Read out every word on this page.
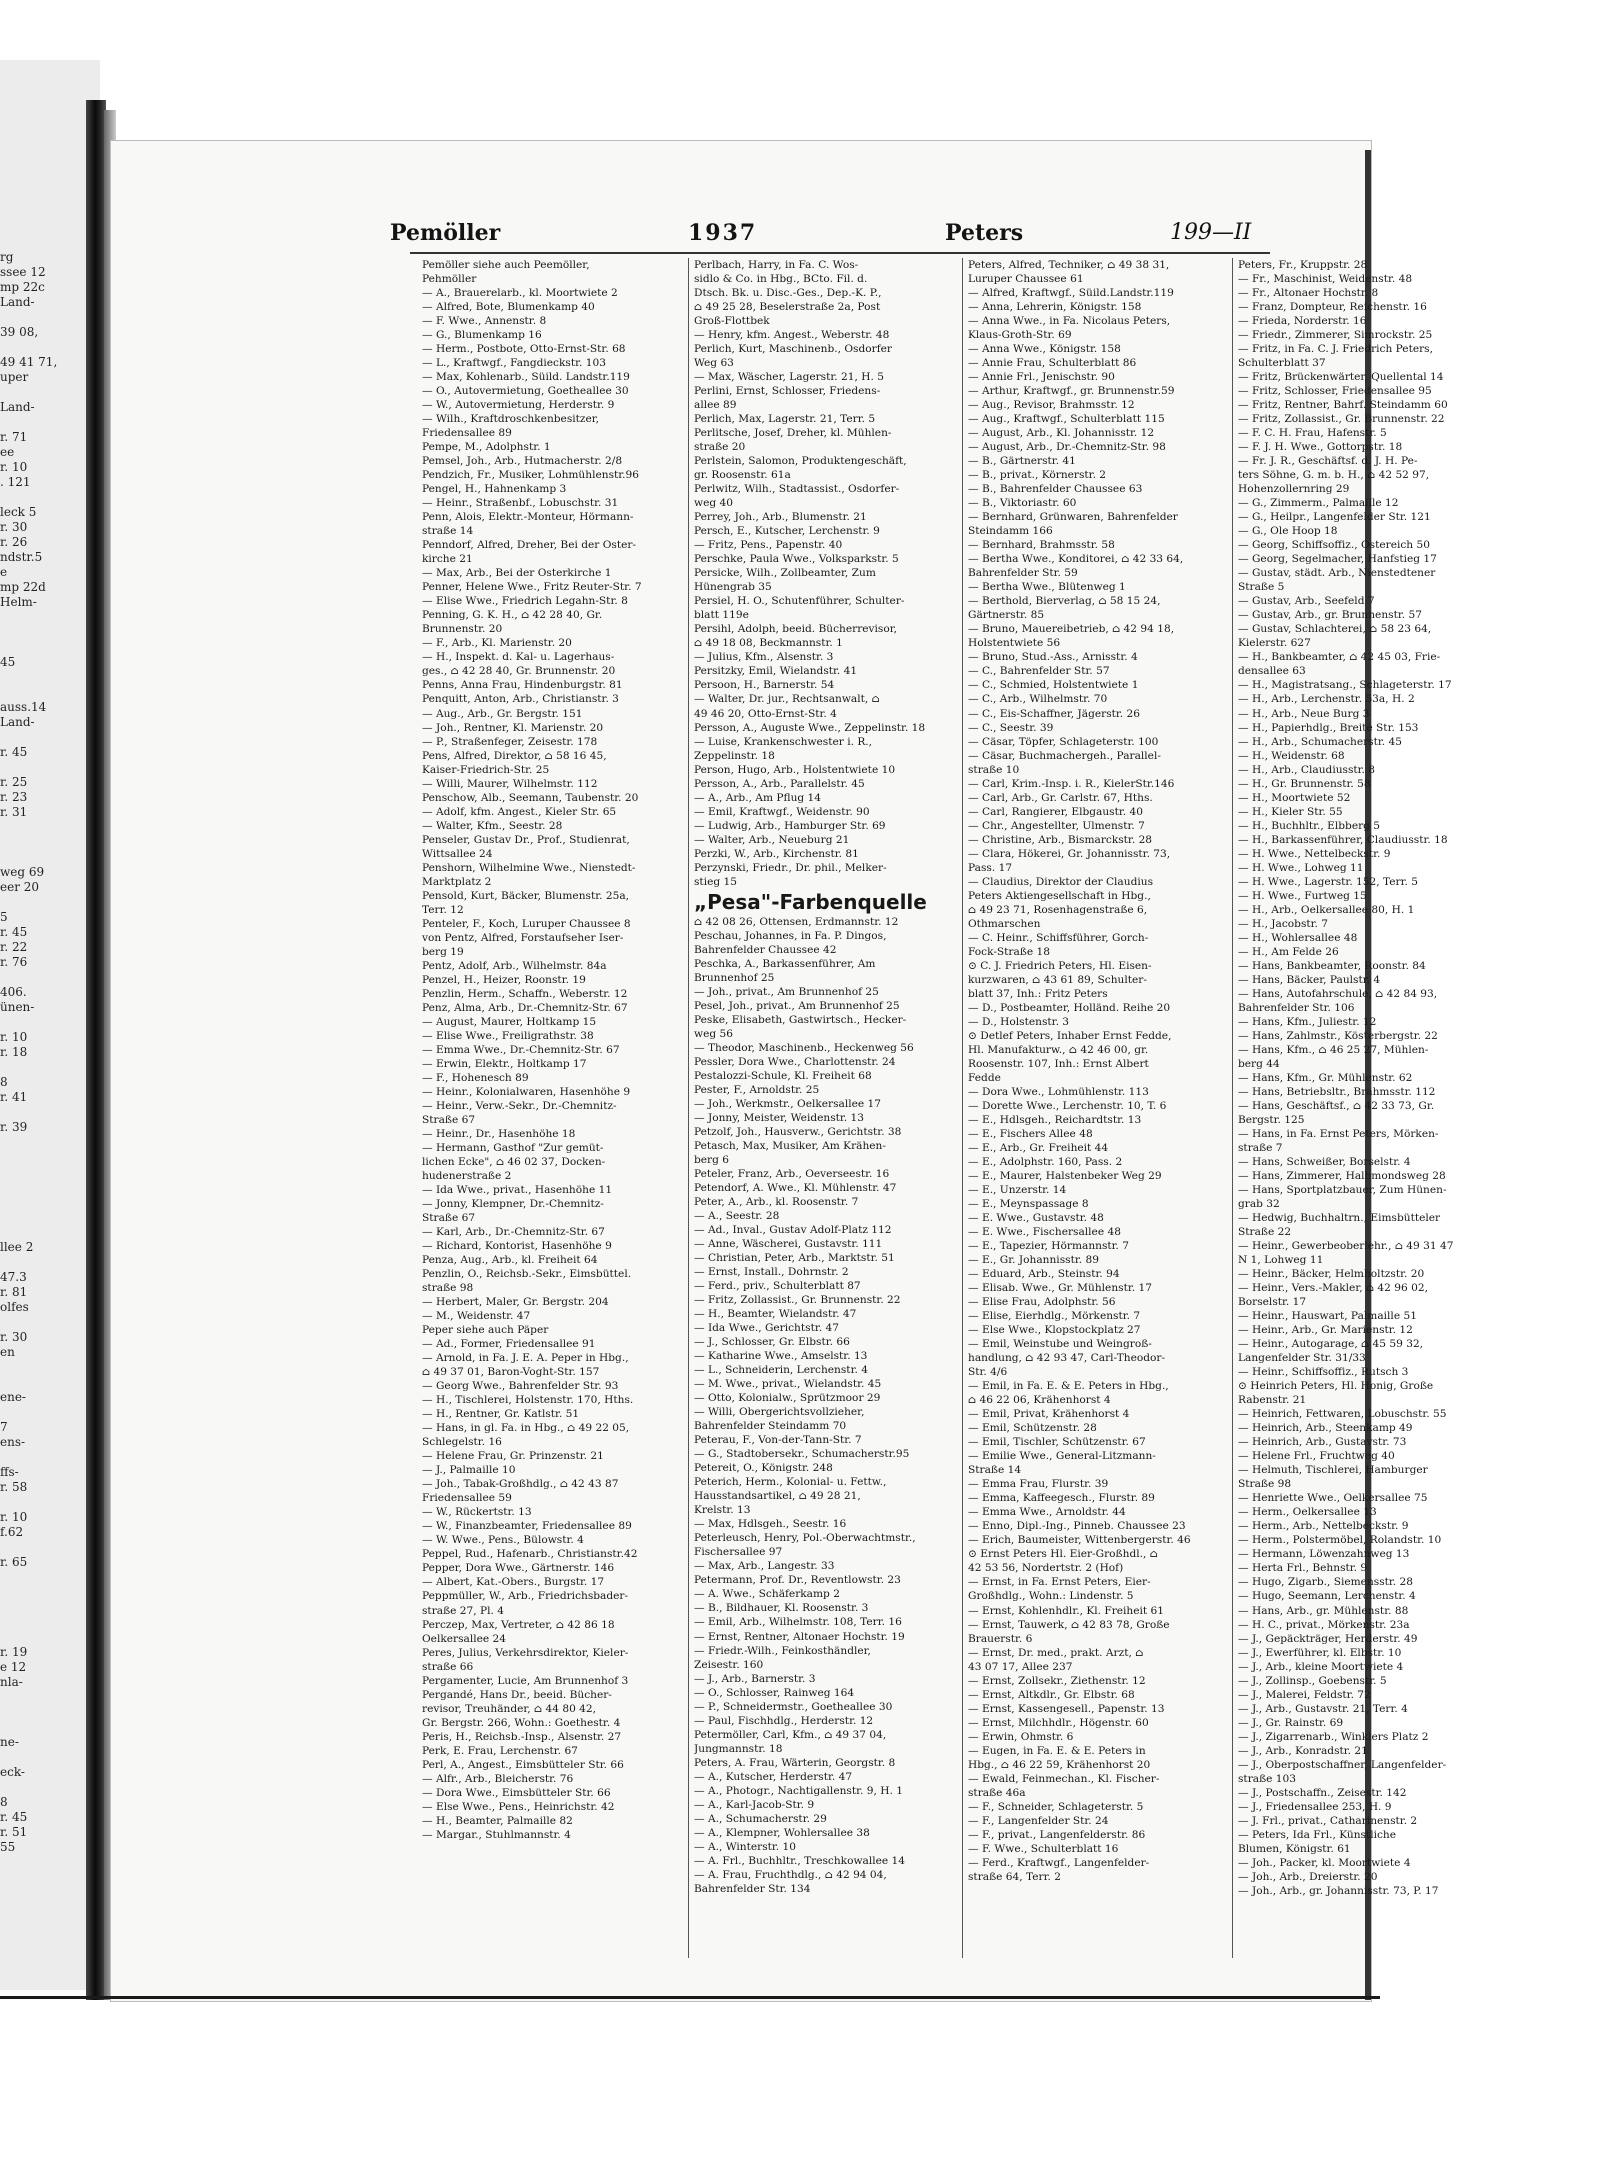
rg
ssee 12
mp 22c
Land-

39 08,

49 41 71,
uper

Land-

r. 71
ee
r. 10
. 121

leck 5
r. 30
r. 26
ndstr.5
e
mp 22d
Helm-

45

auss.14
Land-

r. 45

r. 25
r. 23
r. 31

weg 69
eer 20

5
r. 45
r. 22
r. 76

406.
ünen-

r. 10
r. 18

8
r. 41

r. 39

llee 2

47.3
r. 81
olfes

r. 30
en

ene-

7
ens-

ffs-
r. 58

r. 10
f.62

r. 65

r. 19
e 12
nla-

ne-

eck-

8
r. 45
r. 51
55
Pemöller	1937	Peters	199—II
Pemöller siehe auch Peemöller,
Pehmöller
— A., Brauerelarb., kl. Moortwiete 2
— Alfred, Bote, Blumenkamp 40
— F. Wwe., Annenstr. 8
— G., Blumenkamp 16
— Herm., Postbote, Otto-Ernst-Str. 68
— L., Kraftwgf., Fangdieckstr. 103
— Max, Kohlenarb., Süild. Landstr.119
— O., Autovermietung, Goetheallee 30
— W., Autovermietung, Herderstr. 9
— Wilh., Kraftdroschkenbesitzer,
Friedensallee 89
Pempe, M., Adolphstr. 1
Pemsel, Joh., Arb., Hutmacherstr. 2/8
Pendzich, Fr., Musiker, Lohmühlenstr.96
Pengel, H., Hahnenkamp 3
— Heinr., Straßenbf., Lobuschstr. 31
Penn, Alois, Elektr.-Monteur, Hörmann-
straße 14
Penndorf, Alfred, Dreher, Bei der Oster-
kirche 21
— Max, Arb., Bei der Osterkirche 1
Penner, Helene Wwe., Fritz Reuter-Str. 7
— Elise Wwe., Friedrich Legahn-Str. 8
Penning, G. K. H., ⌂ 42 28 40, Gr.
Brunnenstr. 20
— F., Arb., Kl. Marienstr. 20
— H., Inspekt. d. Kal- u. Lagerhaus-
ges., ⌂ 42 28 40, Gr. Brunnenstr. 20
Penns, Anna Frau, Hindenburgstr. 81
Penquitt, Anton, Arb., Christianstr. 3
— Aug., Arb., Gr. Bergstr. 151
— Joh., Rentner, Kl. Marienstr. 20
— P., Straßenfeger, Zeisestr. 178
Pens, Alfred, Direktor, ⌂ 58 16 45,
Kaiser-Friedrich-Str. 25
— Willi, Maurer, Wilhelmstr. 112
Penschow, Alb., Seemann, Taubenstr. 20
— Adolf, kfm. Angest., Kieler Str. 65
— Walter, Kfm., Seestr. 28
Penseler, Gustav Dr., Prof., Studienrat,
Wittsallee 24
Penshorn, Wilhelmine Wwe., Nienstedt-
Marktplatz 2
Pensold, Kurt, Bäcker, Blumenstr. 25a,
Terr. 12
Penteler, F., Koch, Luruper Chaussee 8
von Pentz, Alfred, Forstaufseher Iser-
berg 19
Pentz, Adolf, Arb., Wilhelmstr. 84a
Penzel, H., Heizer, Roonstr. 19
Penzlin, Herm., Schaffn., Weberstr. 12
Penz, Alma, Arb., Dr.-Chemnitz-Str. 67
— August, Maurer, Holtkamp 15
— Elise Wwe., Freiligrathstr. 38
— Emma Wwe., Dr.-Chemnitz-Str. 67
— Erwin, Elektr., Holtkamp 17
— F., Hohenesch 89
— Heinr., Kolonialwaren, Hasenhöhe 9
— Heinr., Verw.-Sekr., Dr.-Chemnitz-
Straße 67
— Heinr., Dr., Hasenhöhe 18
— Hermann, Gasthof "Zur gemüt-
lichen Ecke", ⌂ 46 02 37, Docken-
hudenerstraße 2
— Ida Wwe., privat., Hasenhöhe 11
— Jonny, Klempner, Dr.-Chemnitz-
Straße 67
— Karl, Arb., Dr.-Chemnitz-Str. 67
— Richard, Kontorist, Hasenhöhe 9
Penza, Aug., Arb., kl. Freiheit 64
Penzlin, O., Reichsb.-Sekr., Eimsbüttel.
straße 98
— Herbert, Maler, Gr. Bergstr. 204
— M., Weidenstr. 47
Peper siehe auch Päper
— Ad., Former, Friedensallee 91
— Arnold, in Fa. J. E. A. Peper in Hbg.,
⌂ 49 37 01, Baron-Voght-Str. 157
— Georg Wwe., Bahrenfelder Str. 93
— H., Tischlerei, Holstenstr. 170, Hths.
— H., Rentner, Gr. Katlstr. 51
— Hans, in gl. Fa. in Hbg., ⌂ 49 22 05,
Schlegelstr. 16
— Helene Frau, Gr. Prinzenstr. 21
— J., Palmaille 10
— Joh., Tabak-Großhdlg., ⌂ 42 43 87
Friedensallee 59
— W., Rückertstr. 13
— W., Finanzbeamter, Friedensallee 89
— W. Wwe., Pens., Bülowstr. 4
Peppel, Rud., Hafenarb., Christianstr.42
Pepper, Dora Wwe., Gärtnerstr. 146
— Albert, Kat.-Obers., Burgstr. 17
Peppmüller, W., Arb., Friedrichsbader-
straße 27, Pl. 4
Perczep, Max, Vertreter, ⌂ 42 86 18
Oelkersallee 24
Peres, Julius, Verkehrsdirektor, Kieler-
straße 66
Pergamenter, Lucie, Am Brunnenhof 3
Pergandé, Hans Dr., beeid. Bücher-
revisor, Treuhänder, ⌂ 44 80 42,
Gr. Bergstr. 266, Wohn.: Goethestr. 4
Peris, H., Reichsb.-Insp., Alsenstr. 27
Perk, E. Frau, Lerchenstr. 67
Perl, A., Angest., Eimsbütteler Str. 66
— Alfr., Arb., Bleicherstr. 76
— Dora Wwe., Eimsbütteler Str. 66
— Else Wwe., Pens., Heinrichstr. 42
— H., Beamter, Palmaille 82
— Margar., Stuhlmannstr. 4
Perlbach, Harry, in Fa. C. Wos-
sidlo & Co. in Hbg., BCto. Fil. d.
Dtsch. Bk. u. Disc.-Ges., Dep.-K. P.,
⌂ 49 25 28, Beselerstraße 2a, Post
Groß-Flottbek
— Henry, kfm. Angest., Weberstr. 48
Perlich, Kurt, Maschinenb., Osdorfer
Weg 63
— Max, Wäscher, Lagerstr. 21, H. 5
Perlini, Ernst, Schlosser, Friedens-
allee 89
Perlich, Max, Lagerstr. 21, Terr. 5
Perlitsche, Josef, Dreher, kl. Mühlen-
straße 20
Perlstein, Salomon, Produktengeschäft,
gr. Roosenstr. 61a
Perlwitz, Wilh., Stadtassist., Osdorfer-
weg 40
Perrey, Joh., Arb., Blumenstr. 21
Persch, E., Kutscher, Lerchenstr. 9
— Fritz, Pens., Papenstr. 40
Perschke, Paula Wwe., Volksparkstr. 5
Persicke, Wilh., Zollbeamter, Zum
Hünengrab 35
Persiel, H. O., Schutenführer, Schulter-
blatt 119e
Persihl, Adolph, beeid. Bücherrevisor,
⌂ 49 18 08, Beckmannstr. 1
— Julius, Kfm., Alsenstr. 3
Persitzky, Emil, Wielandstr. 41
Persoon, H., Barnerstr. 54
— Walter, Dr. jur., Rechtsanwalt, ⌂
49 46 20, Otto-Ernst-Str. 4
Persson, A., Auguste Wwe., Zeppelinstr. 18
— Luise, Krankenschwester i. R.,
Zeppelinstr. 18
Person, Hugo, Arb., Holstentwiete 10
Persson, A., Arb., Parallelstr. 45
— A., Arb., Am Pflug 14
— Emil, Kraftwgf., Weidenstr. 90
— Ludwig, Arb., Hamburger Str. 69
— Walter, Arb., Neueburg 21
Perzki, W., Arb., Kirchenstr. 81
Perzynski, Friedr., Dr. phil., Melker-
stieg 15
„Pesa"-Farbenquelle
⌂ 42 08 26, Ottensen, Erdmannstr. 12
Peschau, Johannes, in Fa. P. Dingos,
Bahrenfelder Chaussee 42
Peschka, A., Barkassenführer, Am
Brunnenhof 25
— Joh., privat., Am Brunnenhof 25
Pesel, Joh., privat., Am Brunnenhof 25
Peske, Elisabeth, Gastwirtsch., Hecker-
weg 56
— Theodor, Maschinenb., Heckenweg 56
Pessler, Dora Wwe., Charlottenstr. 24
Pestalozzi-Schule, Kl. Freiheit 68
Pester, F., Arnoldstr. 25
— Joh., Werkmstr., Oelkersallee 17
— Jonny, Meister, Weidenstr. 13
Petzolf, Joh., Hausverw., Gerichtstr. 38
Petasch, Max, Musiker, Am Krähen-
berg 6
Peteler, Franz, Arb., Oeverseestr. 16
Petendorf, A. Wwe., Kl. Mühlenstr. 47
Peter, A., Arb., kl. Roosenstr. 7
— A., Seestr. 28
— Ad., Inval., Gustav Adolf-Platz 112
— Anne, Wäscherei, Gustavstr. 111
— Christian, Peter, Arb., Marktstr. 51
— Ernst, Install., Dohrnstr. 2
— Ferd., priv., Schulterblatt 87
— Fritz, Zollassist., Gr. Brunnenstr. 22
— H., Beamter, Wielandstr. 47
— Ida Wwe., Gerichtstr. 47
— J., Schlosser, Gr. Elbstr. 66
— Katharine Wwe., Amselstr. 13
— L., Schneiderin, Lerchenstr. 4
— M. Wwe., privat., Wielandstr. 45
— Otto, Kolonialw., Sprützmoor 29
— Willi, Obergerichtsvollzieher,
Bahrenfelder Steindamm 70
Peterau, F., Von-der-Tann-Str. 7
— G., Stadtobersekr., Schumacherstr.95
Petereit, O., Königstr. 248
Peterich, Herm., Kolonial- u. Fettw.,
Hausstandsartikel, ⌂ 49 28 21,
Krelstr. 13
— Max, Hdlsgeh., Seestr. 16
Peterleusch, Henry, Pol.-Oberwachtmstr.,
Fischersallee 97
— Max, Arb., Langestr. 33
Petermann, Prof. Dr., Reventlowstr. 23
— A. Wwe., Schäferkamp 2
— B., Bildhauer, Kl. Roosenstr. 3
— Emil, Arb., Wilhelmstr. 108, Terr. 16
— Ernst, Rentner, Altonaer Hochstr. 19
— Friedr.-Wilh., Feinkosthändler,
Zeisestr. 160
— J., Arb., Barnerstr. 3
— O., Schlosser, Rainweg 164
— P., Schneidermstr., Goetheallee 30
— Paul, Fischhdlg., Herderstr. 12
Petermöller, Carl, Kfm., ⌂ 49 37 04,
Jungmannstr. 18
Peters, A. Frau, Wärterin, Georgstr. 8
— A., Kutscher, Herderstr. 47
— A., Photogr., Nachtigallenstr. 9, H. 1
— A., Karl-Jacob-Str. 9
— A., Schumacherstr. 29
— A., Klempner, Wohlersallee 38
— A., Winterstr. 10
— A. Frl., Buchhltr., Treschkowallee 14
— A. Frau, Fruchthdlg., ⌂ 42 94 04,
Bahrenfelder Str. 134
Peters, Alfred, Techniker, ⌂ 49 38 31,
Luruper Chaussee 61
— Alfred, Kraftwgf., Süild.Landstr.119
— Anna, Lehrerin, Königstr. 158
— Anna Wwe., in Fa. Nicolaus Peters,
Klaus-Groth-Str. 69
— Anna Wwe., Königstr. 158
— Annie Frau, Schulterblatt 86
— Annie Frl., Jenischstr. 90
— Arthur, Kraftwgf., gr. Brunnenstr.59
— Aug., Revisor, Brahmsstr. 12
— Aug., Kraftwgf., Schulterblatt 115
— August, Arb., Kl. Johannisstr. 12
— August, Arb., Dr.-Chemnitz-Str. 98
— B., Gärtnerstr. 41
— B., privat., Körnerstr. 2
— B., Bahrenfelder Chaussee 63
— B., Viktoriastr. 60
— Bernhard, Grünwaren, Bahrenfelder
Steindamm 166
— Bernhard, Brahmsstr. 58
— Bertha Wwe., Konditorei, ⌂ 42 33 64,
Bahrenfelder Str. 59
— Bertha Wwe., Blütenweg 1
— Berthold, Bierverlag, ⌂ 58 15 24,
Gärtnerstr. 85
— Bruno, Mauereibetrieb, ⌂ 42 94 18,
Holstentwiete 56
— Bruno, Stud.-Ass., Arnisstr. 4
— C., Bahrenfelder Str. 57
— C., Schmied, Holstentwiete 1
— C., Arb., Wilhelmstr. 70
— C., Eis-Schaffner, Jägerstr. 26
— C., Seestr. 39
— Cäsar, Töpfer, Schlageterstr. 100
— Cäsar, Buchmachergeh., Parallel-
straße 10
— Carl, Krim.-Insp. i. R., KielerStr.146
— Carl, Arb., Gr. Carlstr. 67, Hths.
— Carl, Rangierer, Elbgaustr. 40
— Chr., Angestellter, Ulmenstr. 7
— Christine, Arb., Bismarckstr. 28
— Clara, Hökerei, Gr. Johannisstr. 73,
Pass. 17
— Claudius, Direktor der Claudius
Peters Aktiengesellschaft in Hbg.,
⌂ 49 23 71, Rosenhagenstraße 6,
Othmarschen
— C. Heinr., Schiffsführer, Gorch-
Fock-Straße 18
⊙ C. J. Friedrich Peters, Hl. Eisen-
kurzwaren, ⌂ 43 61 89, Schulter-
blatt 37, Inh.: Fritz Peters
— D., Postbeamter, Holländ. Reihe 20
— D., Holstenstr. 3
⊙ Detlef Peters, Inhaber Ernst Fedde,
Hl. Manufakturw., ⌂ 42 46 00, gr.
Roosenstr. 107, Inh.: Ernst Albert
Fedde
— Dora Wwe., Lohmühlenstr. 113
— Dorette Wwe., Lerchenstr. 10, T. 6
— E., Hdlsgeh., Reichardtstr. 13
— E., Fischers Allee 48
— E., Arb., Gr. Freiheit 44
— E., Adolphstr. 160, Pass. 2
— E., Maurer, Halstenbeker Weg 29
— E., Unzerstr. 14
— E., Meynspassage 8
— E. Wwe., Gustavstr. 48
— E. Wwe., Fischersallee 48
— E., Tapezier, Hörmannstr. 7
— E., Gr. Johannisstr. 89
— Eduard, Arb., Steinstr. 94
— Elisab. Wwe., Gr. Mühlenstr. 17
— Elise Frau, Adolphstr. 56
— Elise, Eierhdlg., Mörkenstr. 7
— Else Wwe., Klopstockplatz 27
— Emil, Weinstube und Weingroß-
handlung, ⌂ 42 93 47, Carl-Theodor-
Str. 4/6
— Emil, in Fa. E. & E. Peters in Hbg.,
⌂ 46 22 06, Krähenhorst 4
— Emil, Privat, Krähenhorst 4
— Emil, Schützenstr. 28
— Emil, Tischler, Schützenstr. 67
— Emilie Wwe., General-Litzmann-
Straße 14
— Emma Frau, Flurstr. 39
— Emma, Kaffeegesch., Flurstr. 89
— Emma Wwe., Arnoldstr. 44
— Enno, Dipl.-Ing., Pinneb. Chaussee 23
— Erich, Baumeister, Wittenbergerstr. 46
⊙ Ernst Peters Hl. Eier-Großhdl., ⌂
42 53 56, Nordertstr. 2 (Hof)
— Ernst, in Fa. Ernst Peters, Eier-
Großhdlg., Wohn.: Lindenstr. 5
— Ernst, Kohlenhdlr., Kl. Freiheit 61
— Ernst, Tauwerk, ⌂ 42 83 78, Große
Brauerstr. 6
— Ernst, Dr. med., prakt. Arzt, ⌂
43 07 17, Allee 237
— Ernst, Zollsekr., Ziethenstr. 12
— Ernst, Altkdlr., Gr. Elbstr. 68
— Ernst, Kassengesell., Papenstr. 13
— Ernst, Milchhdlr., Högenstr. 60
— Erwin, Ohmstr. 6
— Eugen, in Fa. E. & E. Peters in
Hbg., ⌂ 46 22 59, Krähenhorst 20
— Ewald, Feinmechan., Kl. Fischer-
straße 46a
— F., Schneider, Schlageterstr. 5
— F., Langenfelder Str. 24
— F., privat., Langenfelderstr. 86
— F. Wwe., Schulterblatt 16
— Ferd., Kraftwgf., Langenfelder-
straße 64, Terr. 2
Peters, Fr., Kruppstr. 28
— Fr., Maschinist, Weidenstr. 48
— Fr., Altonaer Hochstr. 8
— Franz, Dompteur, Reichenstr. 16
— Frieda, Norderstr. 16
— Friedr., Zimmerer, Simrockstr. 25
— Fritz, in Fa. C. J. Friedrich Peters,
Schulterblatt 37
— Fritz, Brückenwärter, Quellental 14
— Fritz, Schlosser, Friedensallee 95
— Fritz, Rentner, Bahrf. Steindamm 60
— Fritz, Zollassist., Gr. Brunnenstr. 22
— F. C. H. Frau, Hafenstr. 5
— F. J. H. Wwe., Gottorpstr. 18
— Fr. J. R., Geschäftsf. d. J. H. Pe-
ters Söhne, G. m. b. H., ⌂ 42 52 97,
Hohenzollernring 29
— G., Zimmerm., Palmaille 12
— G., Heilpr., Langenfelder Str. 121
— G., Ole Hoop 18
— Georg, Schiffsoffiz., Ostereich 50
— Georg, Segelmacher, Hanfstieg 17
— Gustav, städt. Arb., Nienstedtener
Straße 5
— Gustav, Arb., Seefeld 7
— Gustav, Arb., gr. Brunnenstr. 57
— Gustav, Schlachterei, ⌂ 58 23 64,
Kielerstr. 627
— H., Bankbeamter, ⌂ 42 45 03, Frie-
densallee 63
— H., Magistratsang., Schlageterstr. 17
— H., Arb., Lerchenstr. 53a, H. 2
— H., Arb., Neue Burg 3
— H., Papierhdlg., Breite Str. 153
— H., Arb., Schumacherstr. 45
— H., Weidenstr. 68
— H., Arb., Claudiusstr. 8
— H., Gr. Brunnenstr. 58
— H., Moortwiete 52
— H., Kieler Str. 55
— H., Buchhltr., Elbberg 5
— H., Barkassenführer, Claudiusstr. 18
— H. Wwe., Nettelbeckstr. 9
— H. Wwe., Lohweg 11
— H. Wwe., Lagerstr. 152, Terr. 5
— H. Wwe., Furtweg 15
— H., Arb., Oelkersallee 80, H. 1
— H., Jacobstr. 7
— H., Wohlersallee 48
— H., Am Felde 26
— Hans, Bankbeamter, Roonstr. 84
— Hans, Bäcker, Paulstr. 4
— Hans, Autofahrschule, ⌂ 42 84 93,
Bahrenfelder Str. 106
— Hans, Kfm., Juliestr. 12
— Hans, Zahlmstr., Kösterbergstr. 22
— Hans, Kfm., ⌂ 46 25 27, Mühlen-
berg 44
— Hans, Kfm., Gr. Mühlenstr. 62
— Hans, Betriebsltr., Brahmsstr. 112
— Hans, Geschäftsf., ⌂ 42 33 73, Gr.
Bergstr. 125
— Hans, in Fa. Ernst Peters, Mörken-
straße 7
— Hans, Schweißer, Borselstr. 4
— Hans, Zimmerer, Halbmondsweg 28
— Hans, Sportplatzbauer, Zum Hünen-
grab 32
— Hedwig, Buchhaltrn., Eimsbütteler
Straße 22
— Heinr., Gewerbeoberlehr., ⌂ 49 31 47
N 1, Lohweg 11
— Heinr., Bäcker, Helmholtzstr. 20
— Heinr., Vers.-Makler, ⌂ 42 96 02,
Borselstr. 17
— Heinr., Hauswart, Palmaille 51
— Heinr., Arb., Gr. Marienstr. 12
— Heinr., Autogarage, ⌂ 45 59 32,
Langenfelder Str. 31/33
— Heinr., Schiffsoffiz., Rutsch 3
⊙ Heinrich Peters, Hl. Honig, Große
Rabenstr. 21
— Heinrich, Fettwaren, Lobuschstr. 55
— Heinrich, Arb., Steenkamp 49
— Heinrich, Arb., Gustavstr. 73
— Helene Frl., Fruchtweg 40
— Helmuth, Tischlerei, Hamburger
Straße 98
— Henriette Wwe., Oelkersallee 75
— Herm., Oelkersallee 13
— Herm., Arb., Nettelbeckstr. 9
— Herm., Polstermöbel, Rolandstr. 10
— Hermann, Löwenzahnweg 13
— Herta Frl., Behnstr. 9
— Hugo, Zigarb., Siemensstr. 28
— Hugo, Seemann, Lerchenstr. 4
— Hans, Arb., gr. Mühlenstr. 88
— H. C., privat., Mörkenstr. 23a
— J., Gepäckträger, Herderstr. 49
— J., Ewerführer, kl. Elbstr. 10
— J., Arb., kleine Moortwiete 4
— J., Zollinsp., Goebenstr. 5
— J., Malerei, Feldstr. 72
— J., Arb., Gustavstr. 21, Terr. 4
— J., Gr. Rainstr. 69
— J., Zigarrenarb., Winklers Platz 2
— J., Arb., Konradstr. 21
— J., Oberpostschaffner, Langenfelder-
straße 103
— J., Postschaffn., Zeisestr. 142
— J., Friedensallee 253, H. 9
— J. Frl., privat., Catharinenstr. 2
— Peters, Ida Frl., Künstliche
Blumen, Königstr. 61
— Joh., Packer, kl. Moortwiete 4
— Joh., Arb., Dreierstr. 20
— Joh., Arb., gr. Johannisstr. 73, P. 17
